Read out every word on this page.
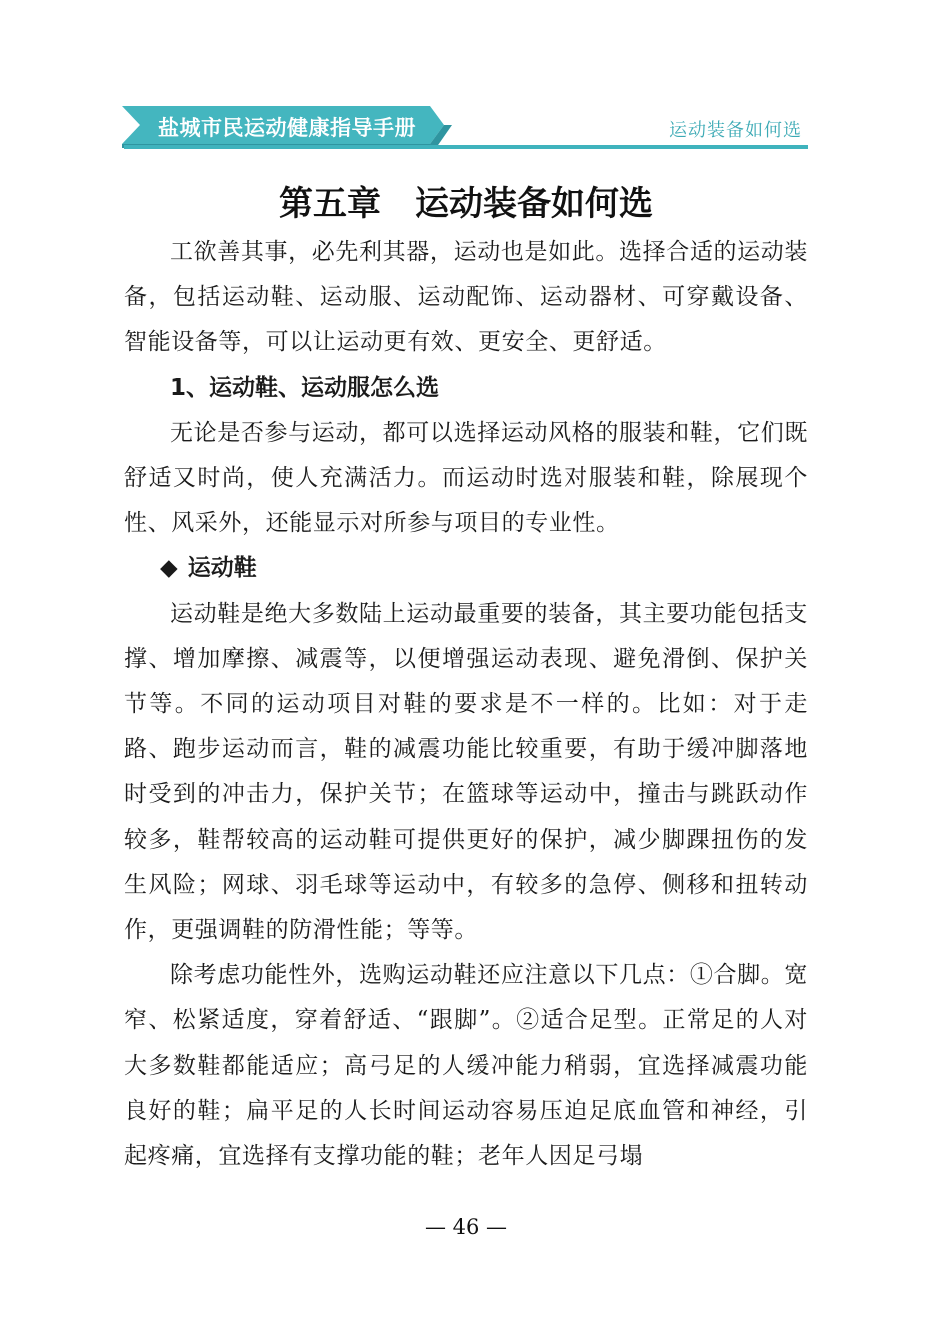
盐城市民运动健康指导手册	运动装备如何选
第五章 运动装备如何选

工欲善其事，必先利其器，运动也是如此。选择合适的运动装备，包括运动鞋、运动服、运动配饰、运动器材、可穿戴设备、智能设备等，可以让运动更有效、更安全、更舒适。

1、运动鞋、运动服怎么选

无论是否参与运动，都可以选择运动风格的服装和鞋，它们既舒适又时尚，使人充满活力。而运动时选对服装和鞋，除展现个性、风采外，还能显示对所参与项目的专业性。

◆ 运动鞋

运动鞋是绝大多数陆上运动最重要的装备，其主要功能包括支撑、增加摩擦、减震等，以便增强运动表现、避免滑倒、保护关节等。不同的运动项目对鞋的要求是不一样的。比如：对于走路、跑步运动而言，鞋的减震功能比较重要，有助于缓冲脚落地时受到的冲击力，保护关节；在篮球等运动中，撞击与跳跃动作较多，鞋帮较高的运动鞋可提供更好的保护，减少脚踝扭伤的发生风险；网球、羽毛球等运动中，有较多的急停、侧移和扭转动作，更强调鞋的防滑性能；等等。

除考虑功能性外，选购运动鞋还应注意以下几点：①合脚。宽窄、松紧适度，穿着舒适、“跟脚”。②适合足型。正常足的人对大多数鞋都能适应；高弓足的人缓冲能力稍弱，宜选择减震功能良好的鞋；扁平足的人长时间运动容易压迫足底血管和神经，引起疼痛，宜选择有支撑功能的鞋；老年人因足弓塌

— 46 —
